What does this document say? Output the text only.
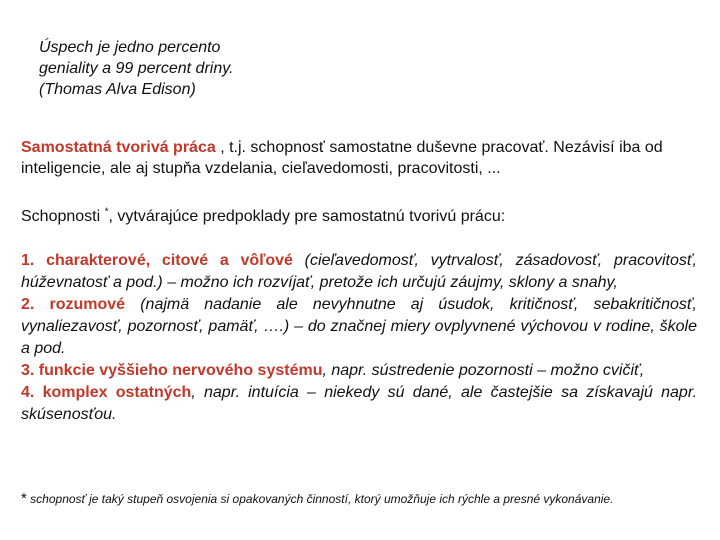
Úspech je jedno percento
geniality a 99 percent driny.
(Thomas Alva Edison)
Samostatná tvorivá práca , t.j. schopnosť samostatne duševne pracovať. Nezávisí iba od inteligencie, ale aj stupňa vzdelania, cieľavedomosti, pracovitosti, ...
Schopnosti *, vytvárajúce predpoklady pre samostatnú tvorivú prácu:

1. charakterové, citové a vôľové (cieľavedomosť, vytrvalosť, zásadovosť, pracovitosť, húževnatosť a pod.) – možno ich rozvíjať, pretože ich určujú záujmy, sklony a snahy,

2. rozumové (najmä nadanie ale nevyhnutne aj úsudok, kritičnosť, sebakritičnosť, vynaliezavosť, pozornosť, pamäť, ….) – do značnej miery ovplyvnené výchovou v rodine, škole a pod.

3. funkcie vyššieho nervového systému, napr. sústredenie pozornosti – možno cvičiť,

4. komplex ostatných, napr. intuícia – niekedy sú dané, ale častejšie sa získavajú napr. skúsenosťou.

* schopnosť je taký stupeň osvojenia si opakovaných činností, ktorý umožňuje ich rýchle a presné vykonávanie.
